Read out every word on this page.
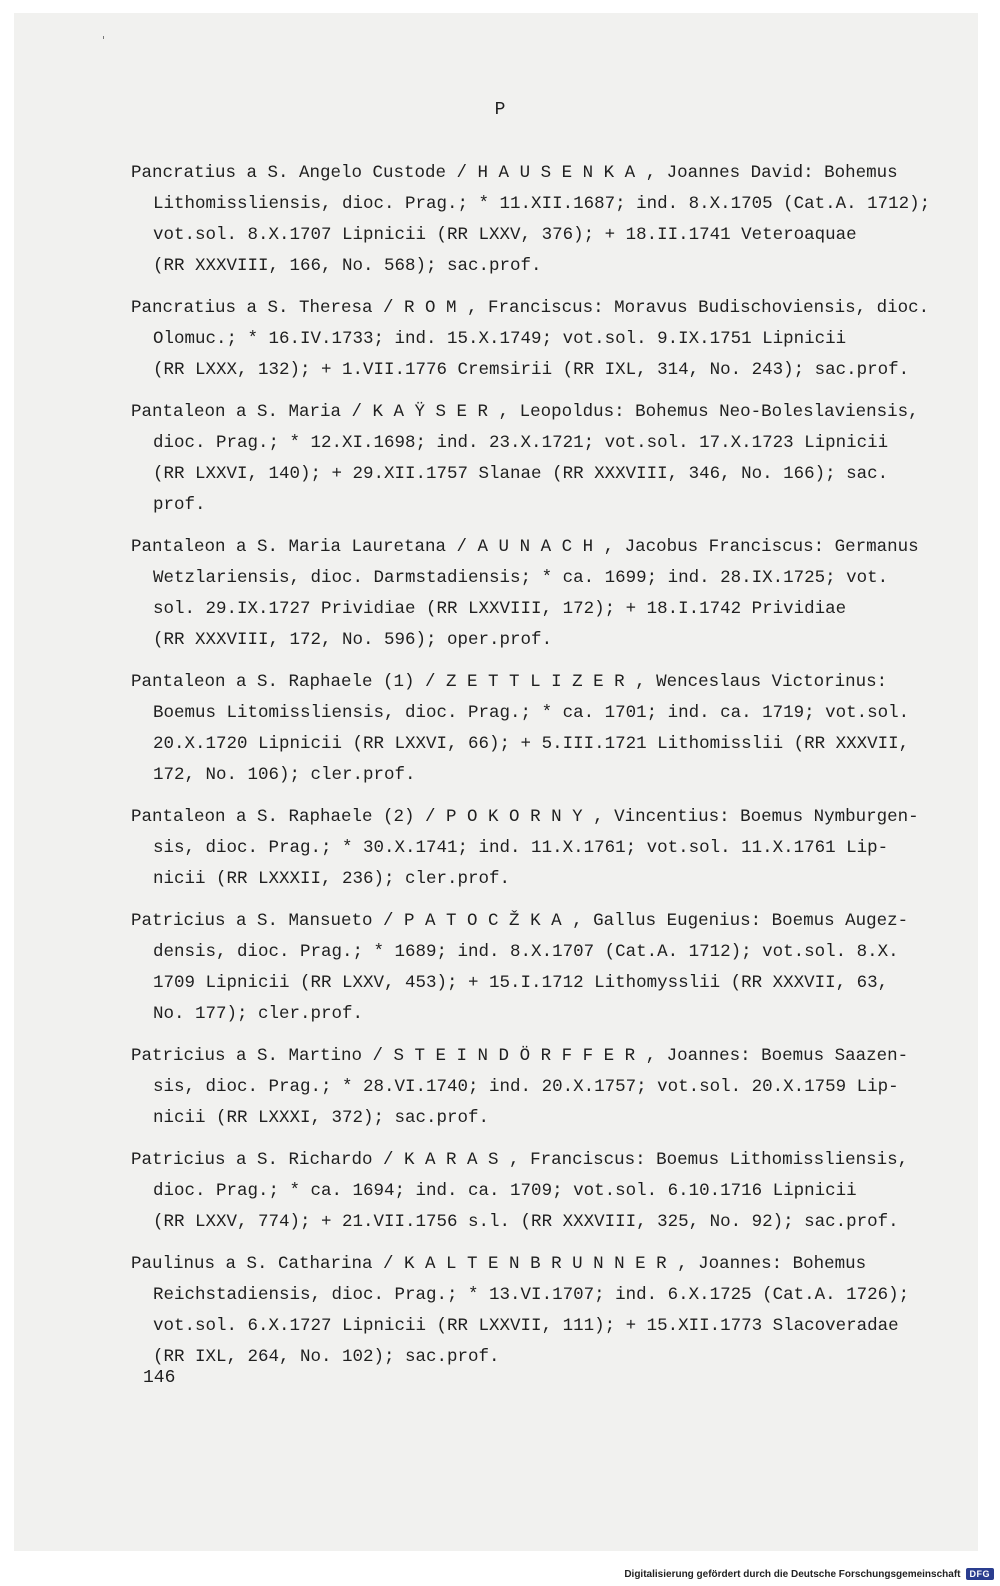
P
Pancratius a S. Angelo Custode / H A U S E N K A , Joannes David: Bohemus
Lithomissliensis, dioc. Prag.; * 11.XII.1687; ind. 8.X.1705 (Cat.A. 1712);
vot.sol. 8.X.1707 Lipnicii (RR LXXV, 376); + 18.II.1741 Veteroaquae
(RR XXXVIII, 166, No. 568); sac.prof.
Pancratius a S. Theresa / R O M , Franciscus: Moravus Budischoviensis, dioc.
Olomuc.; * 16.IV.1733; ind. 15.X.1749; vot.sol. 9.IX.1751 Lipnicii
(RR LXXX, 132); + 1.VII.1776 Cremsirii (RR IXL, 314, No. 243); sac.prof.
Pantaleon a S. Maria / K A Ÿ S E R , Leopoldus: Bohemus Neo-Boleslaviensis,
dioc. Prag.; * 12.XI.1698; ind. 23.X.1721; vot.sol. 17.X.1723 Lipnicii
(RR LXXVI, 140); + 29.XII.1757 Slanae (RR XXXVIII, 346, No. 166); sac.
prof.
Pantaleon a S. Maria Lauretana / A U N A C H , Jacobus Franciscus: Germanus
Wetzlariensis, dioc. Darmstadiensis; * ca. 1699; ind. 28.IX.1725; vot.
sol. 29.IX.1727 Prividiae (RR LXXVIII, 172); + 18.I.1742 Prividiae
(RR XXXVIII, 172, No. 596); oper.prof.
Pantaleon a S. Raphaele (1) / Z E T T L I Z E R , Wenceslaus Victorinus:
Boemus Litomissliensis, dioc. Prag.; * ca. 1701; ind. ca. 1719; vot.sol.
20.X.1720 Lipnicii (RR LXXVI, 66); + 5.III.1721 Lithomisslii (RR XXXVII,
172, No. 106); cler.prof.
Pantaleon a S. Raphaele (2) / P O K O R N Y , Vincentius: Boemus Nymburgen-
sis, dioc. Prag.; * 30.X.1741; ind. 11.X.1761; vot.sol. 11.X.1761 Lip-
nicii (RR LXXXII, 236); cler.prof.
Patricius a S. Mansueto / P A T O C Ž K A , Gallus Eugenius: Boemus Augez-
densis, dioc. Prag.; * 1689; ind. 8.X.1707 (Cat.A. 1712); vot.sol. 8.X.
1709 Lipnicii (RR LXXV, 453); + 15.I.1712 Lithomysslii (RR XXXVII, 63,
No. 177); cler.prof.
Patricius a S. Martino / S T E I N D Ö R F F E R , Joannes: Boemus Saazen-
sis, dioc. Prag.; * 28.VI.1740; ind. 20.X.1757; vot.sol. 20.X.1759 Lip-
nicii (RR LXXXI, 372); sac.prof.
Patricius a S. Richardo / K A R A S , Franciscus: Boemus Lithomissliensis,
dioc. Prag.; * ca. 1694; ind. ca. 1709; vot.sol. 6.10.1716 Lipnicii
(RR LXXV, 774); + 21.VII.1756 s.l. (RR XXXVIII, 325, No. 92); sac.prof.
Paulinus a S. Catharina / K A L T E N B R U N N E R , Joannes: Bohemus
Reichstadiensis, dioc. Prag.; * 13.VI.1707; ind. 6.X.1725 (Cat.A. 1726);
vot.sol. 6.X.1727 Lipnicii (RR LXXVII, 111); + 15.XII.1773 Slacoveradae
(RR IXL, 264, No. 102); sac.prof.
146
Digitalisierung gefördert durch die Deutsche Forschungsgemeinschaft	DFG
